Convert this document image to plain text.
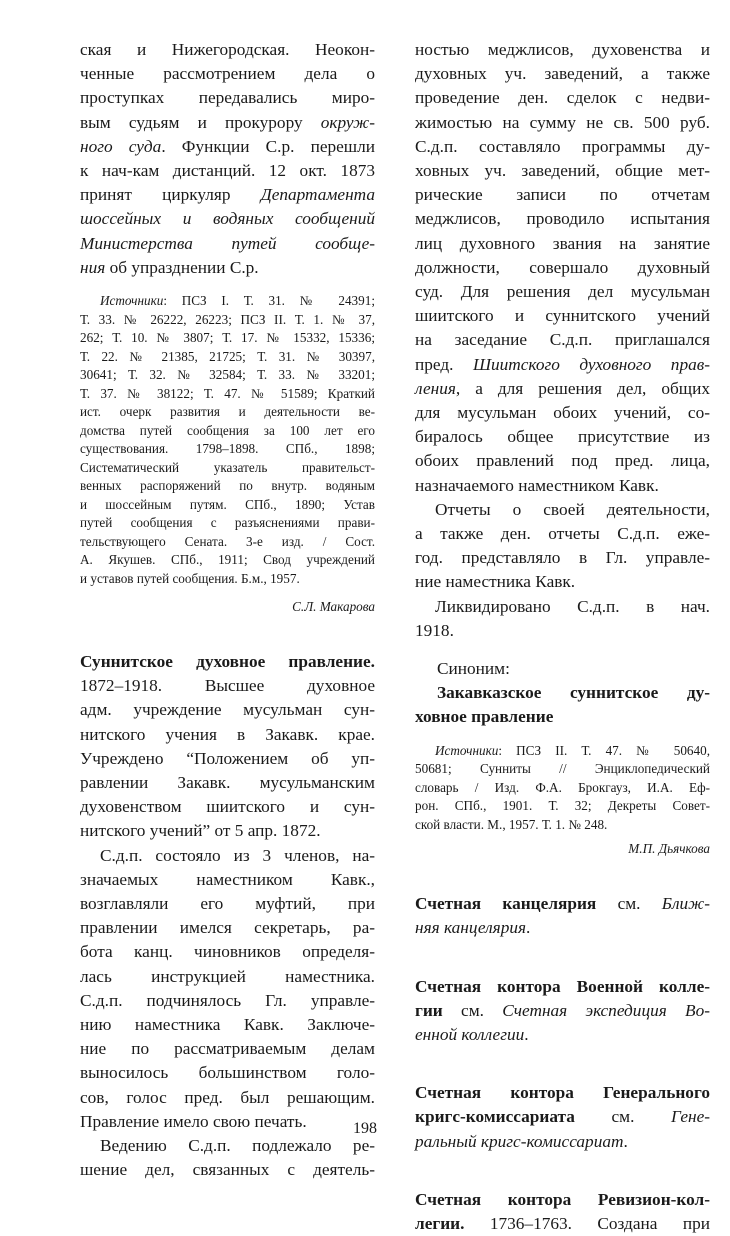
ская и Нижегородская. Неокон-
ченные рассмотрением дела о
проступках передавались миро-
вым судьям и прокурору окруж-
ного суда. Функции С.р. перешли
к нач-кам дистанций. 12 окт. 1873
принят циркуляр Департамента
шоссейных и водяных сообщений
Министерства путей сообще-
ния об упразднении С.р.
Источники: ПСЗ I. Т. 31. № 24391;
Т. 33. № 26222, 26223; ПСЗ II. Т. 1. № 37,
262; Т. 10. № 3807; Т. 17. № 15332, 15336;
Т. 22. № 21385, 21725; Т. 31. № 30397,
30641; Т. 32. № 32584; Т. 33. № 33201;
Т. 37. № 38122; Т. 47. № 51589; Краткий
ист. очерк развития и деятельности ве-
домства путей сообщения за 100 лет его
существования. 1798–1898. СПб., 1898;
Систематический указатель правительст-
венных распоряжений по внутр. водяным
и шоссейным путям. СПб., 1890; Устав
путей сообщения с разъяснениями прави-
тельствующего Сената. 3-е изд. / Сост.
А. Якушев. СПб., 1911; Свод учреждений
и уставов путей сообщения. Б.м., 1957.
С.Л. Макарова
Суннитское духовное правление.
1872–1918. Высшее духовное
адм. учреждение мусульман сун-
нитского учения в Закавк. крае.
Учреждено “Положением об уп-
равлении Закавк. мусульманским
духовенством шиитского и сун-
нитского учений” от 5 апр. 1872.
С.д.п. состояло из 3 членов, на-
значаемых наместником Кавк.,
возглавляли его муфтий, при
правлении имелся секретарь, ра-
бота канц. чиновников определя-
лась инструкцией наместника.
С.д.п. подчинялось Гл. управле-
нию наместника Кавк. Заключе-
ние по рассматриваемым делам
выносилось большинством голо-
сов, голос пред. был решающим.
Правление имело свою печать.
Ведению С.д.п. подлежало ре-
шение дел, связанных с деятель-
ностью меджлисов, духовенства и
духовных уч. заведений, а также
проведение ден. сделок с недви-
жимостью на сумму не св. 500 руб.
С.д.п. составляло программы ду-
ховных уч. заведений, общие мет-
рические записи по отчетам
меджлисов, проводило испытания
лиц духовного звания на занятие
должности, совершало духовный
суд. Для решения дел мусульман
шиитского и суннитского учений
на заседание С.д.п. приглашался
пред. Шиитского духовного прав-
ления, а для решения дел, общих
для мусульман обоих учений, со-
биралось общее присутствие из
обоих правлений под пред. лица,
назначаемого наместником Кавк.
Отчеты о своей деятельности,
а также ден. отчеты С.д.п. еже-
год. представляло в Гл. управле-
ние наместника Кавк.
Ликвидировано С.д.п. в нач.
1918.
Синоним:
Закавказское суннитское ду-
ховное правление
Источники: ПСЗ II. Т. 47. № 50640,
50681; Сунниты // Энциклопедический
словарь / Изд. Ф.А. Брокгауз, И.А. Еф-
рон. СПб., 1901. Т. 32; Декреты Совет-
ской власти. М., 1957. Т. 1. № 248.
М.П. Дьячкова
Счетная канцелярия см. Ближ-
няя канцелярия.
Счетная контора Военной колле-
гии см. Счетная экспедиция Во-
енной коллегии.
Счетная контора Генерального
кригс-комиссариата см. Гене-
ральный кригс-комиссариат.
Счетная контора Ревизион-кол-
легии. 1736–1763. Создана при
198
